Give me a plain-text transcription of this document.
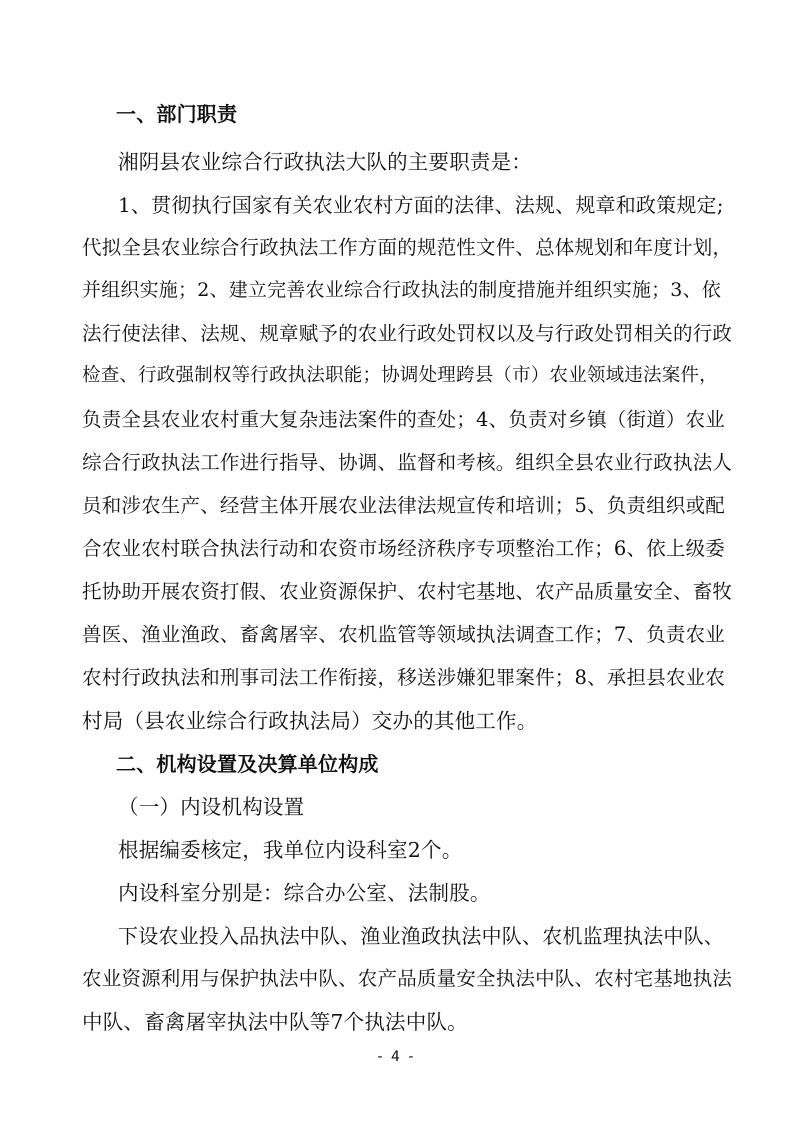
一、部门职责
湘阴县农业综合行政执法大队的主要职责是：
1、贯彻执行国家有关农业农村方面的法律、法规、规章和政策规定;
代拟全县农业综合行政执法工作方面的规范性文件、总体规划和年度计划，
并组织实施；2、建立完善农业综合行政执法的制度措施并组织实施；3、依
法行使法律、法规、规章赋予的农业行政处罚权以及与行政处罚相关的行政
检查、行政强制权等行政执法职能；协调处理跨县（市）农业领域违法案件，
负责全县农业农村重大复杂违法案件的查处；4、负责对乡镇（街道）农业
综合行政执法工作进行指导、协调、监督和考核。组织全县农业行政执法人
员和涉农生产、经营主体开展农业法律法规宣传和培训；5、负责组织或配
合农业农村联合执法行动和农资市场经济秩序专项整治工作；6、依上级委
托协助开展农资打假、农业资源保护、农村宅基地、农产品质量安全、畜牧
兽医、渔业渔政、畜禽屠宰、农机监管等领域执法调查工作；7、负责农业
农村行政执法和刑事司法工作衔接，移送涉嫌犯罪案件；8、承担县农业农
村局（县农业综合行政执法局）交办的其他工作。
二、机构设置及决算单位构成
（一）内设机构设置
根据编委核定，我单位内设科室2个。
内设科室分别是：综合办公室、法制股。
下设农业投入品执法中队、渔业渔政执法中队、农机监理执法中队、
农业资源利用与保护执法中队、农产品质量安全执法中队、农村宅基地执法
中队、畜禽屠宰执法中队等7个执法中队。
- 4 -
